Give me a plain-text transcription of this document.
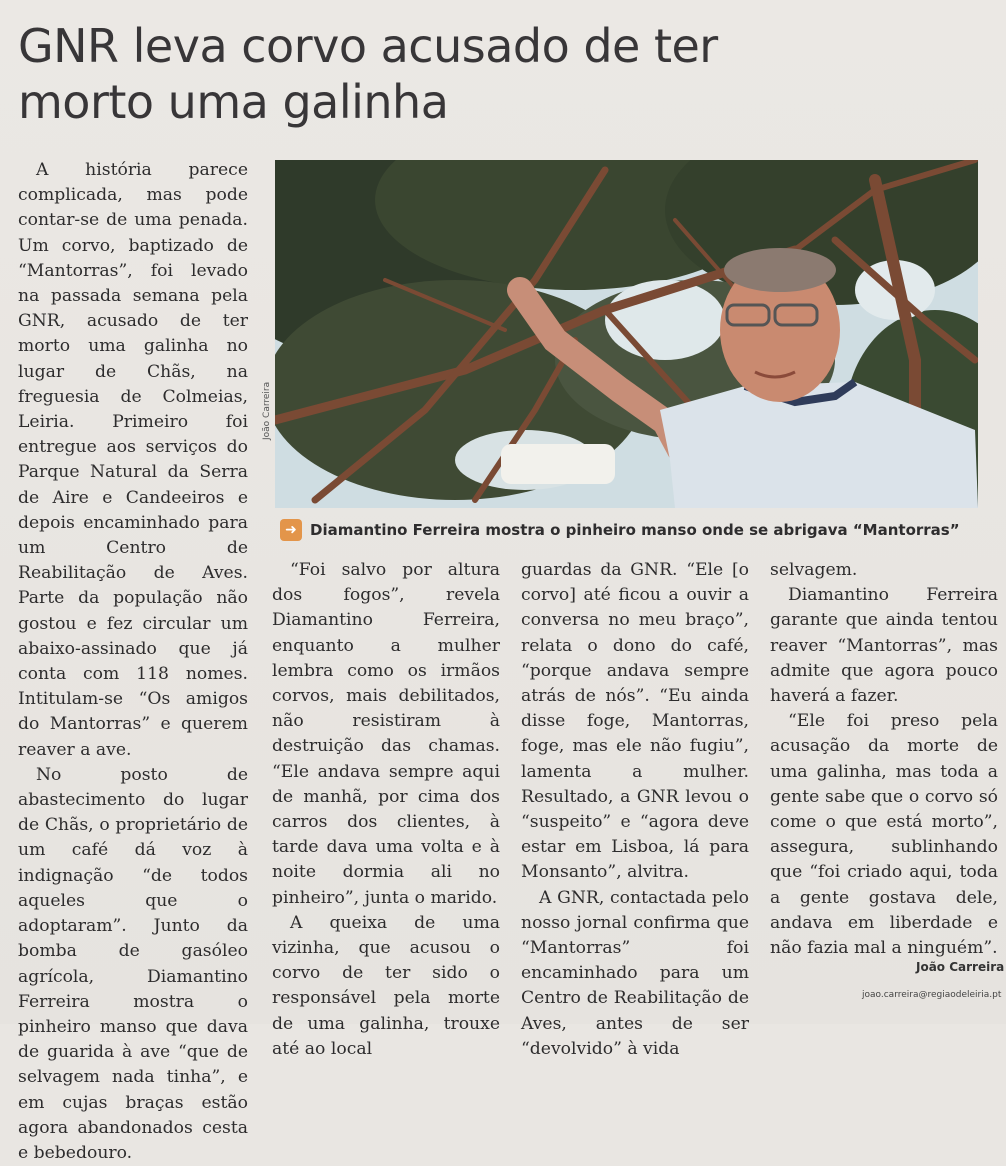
GNR leva corvo acusado de ter morto uma galinha
João Carreira
➜ Diamantino Ferreira mostra o pinheiro manso onde se abrigava “Mantorras”

A história parece complicada, mas pode contar-se de uma penada. Um corvo, baptizado de “Mantorras”, foi levado na passada semana pela GNR, acusado de ter morto uma galinha no lugar de Chãs, na freguesia de Colmeias, Leiria. Primeiro foi entregue aos serviços do Parque Natural da Serra de Aire e Candeeiros e depois encaminhado para um Centro de Reabilitação de Aves. Parte da população não gostou e fez circular um abaixo-assinado que já conta com 118 nomes. Intitulam-se “Os amigos do Mantorras” e querem reaver a ave.

No posto de abastecimento do lugar de Chãs, o proprietário de um café dá voz à indignação “de todos aqueles que o adoptaram”. Junto da bomba de gasóleo agrícola, Diamantino Ferreira mostra o pinheiro manso que dava de guarida à ave “que de selvagem nada tinha”, e em cujas braças estão agora abandonados cesta e bebedouro.

“Foi salvo por altura dos fogos”, revela Diamantino Ferreira, enquanto a mulher lembra como os irmãos corvos, mais debilitados, não resistiram à destruição das chamas. “Ele andava sempre aqui de manhã, por cima dos carros dos clientes, à tarde dava uma volta e à noite dormia ali no pinheiro”, junta o marido.

A queixa de uma vizinha, que acusou o corvo de ter sido o responsável pela morte de uma galinha, trouxe até ao local

guardas da GNR. “Ele [o corvo] até ficou a ouvir a conversa no meu braço”, relata o dono do café, “porque andava sempre atrás de nós”. “Eu ainda disse foge, Mantorras, foge, mas ele não fugiu”, lamenta a mulher. Resultado, a GNR levou o “suspeito” e “agora deve estar em Lisboa, lá para Monsanto”, alvitra.

A GNR, contactada pelo nosso jornal confirma que “Mantorras” foi encaminhado para um Centro de Reabilitação de Aves, antes de ser “devolvido” à vida

selvagem.

Diamantino Ferreira garante que ainda tentou reaver “Mantorras”, mas admite que agora pouco haverá a fazer.

“Ele foi preso pela acusação da morte de uma galinha, mas toda a gente sabe que o corvo só come o que está morto”, assegura, sublinhando que “foi criado aqui, toda a gente gostava dele, andava em liberdade e não fazia mal a ninguém”.

João Carreira
joao.carreira@regiaodeleiria.pt
